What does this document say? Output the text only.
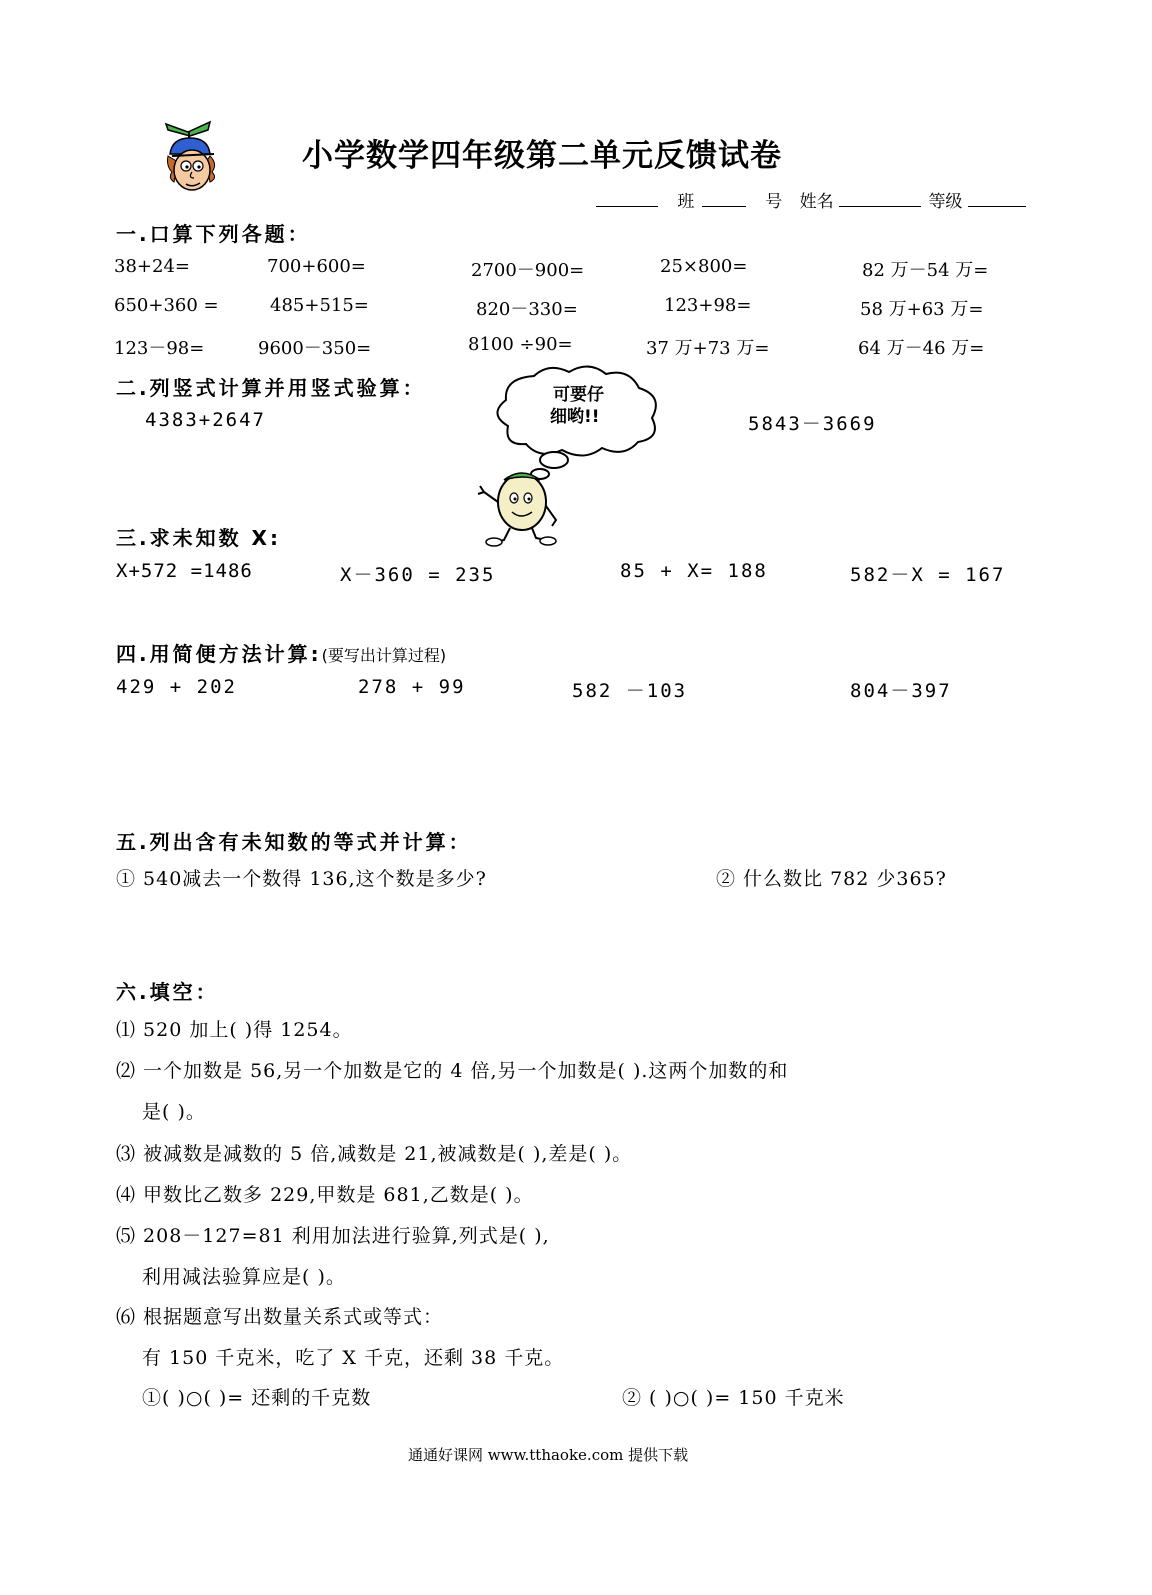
小学数学四年级第二单元反馈试卷
班	号 姓名	等级
一.口算下列各题：
38+24=	700+600=	2700－900=	25×800=	82 万－54 万=
650+360 =	485+515=	820－330=	123+98=	58 万+63 万=
123－98=	9600－350=	8100 ÷90=	37 万+73 万=	64 万－46 万=
二.列竖式计算并用竖式验算：
4383+2647	5843－3669
可要仔
细哟!!
三.求未知数 X:
X+572 =1486	X－360 = 235	85 + X= 188	582－X = 167
四.用简便方法计算:(要写出计算过程)
429 + 202	278 + 99	582 －103	804－397
五.列出含有未知数的等式并计算：
① 540减去一个数得 136,这个数是多少?	② 什么数比 782 少365?
六.填空：
⑴ 520 加上( )得 1254。
⑵ 一个加数是 56,另一个加数是它的 4 倍,另一个加数是( ).这两个加数的和
是( )。
⑶ 被减数是减数的 5 倍,减数是 21,被减数是( ),差是( )。
⑷ 甲数比乙数多 229,甲数是 681,乙数是( )。
⑸ 208－127=81 利用加法进行验算,列式是( ),
利用减法验算应是( )。
⑹ 根据题意写出数量关系式或等式：
有 150 千克米，吃了 X 千克，还剩 38 千克。
①( )○( )= 还剩的千克数	② ( )○( )= 150 千克米
通通好课网 www.tthaoke.com 提供下载
